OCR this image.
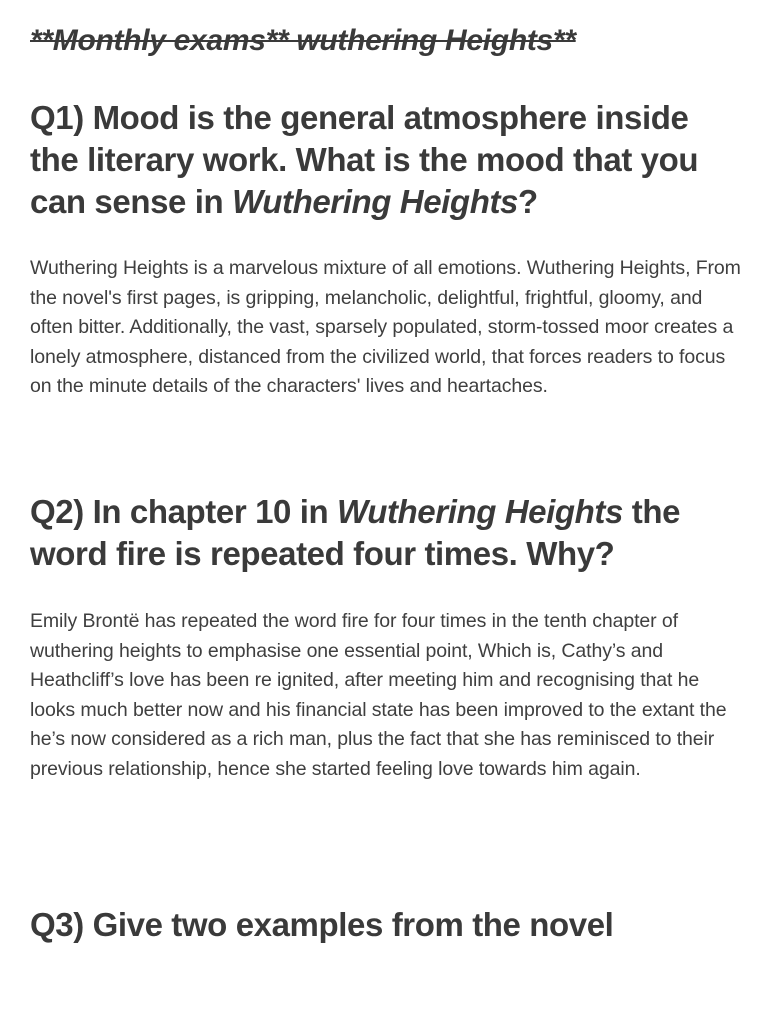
**Monthly exams** wuthering Heights**
Q1) Mood is the general atmosphere inside the literary work. What is the mood that you can sense in Wuthering Heights?

Wuthering Heights is a marvelous mixture of all emotions. Wuthering Heights, From the novel's first pages, is gripping, melancholic, delightful, frightful, gloomy, and often bitter. Additionally, the vast, sparsely populated, storm-tossed moor creates a lonely atmosphere, distanced from the civilized world, that forces readers to focus on the minute details of the characters' lives and heartaches.

Q2) In chapter 10 in Wuthering Heights the word fire is repeated four times. Why?

Emily Brontë has repeated the word fire for four times in the tenth chapter of wuthering heights to emphasise one essential point, Which is, Cathy’s and Heathcliff’s love has been re ignited, after meeting him and recognising that he looks much better now and his financial state has been improved to the extant the he’s now considered as a rich man, plus the fact that she has reminisced to their previous relationship, hence she started feeling love towards him again.

Q3) Give two examples from the novel
